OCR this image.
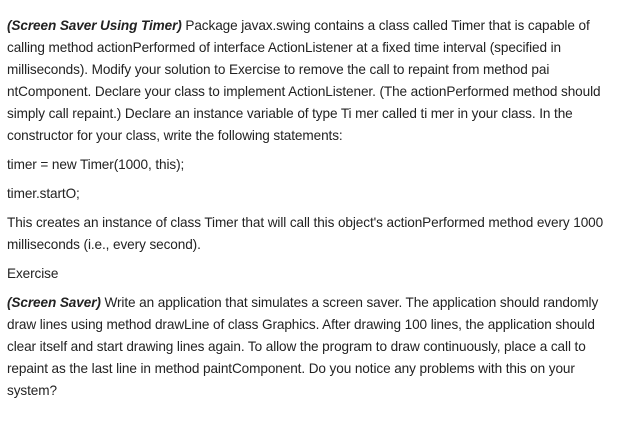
(Screen Saver Using Timer) Package javax.swing contains a class called Timer that is capable of calling method actionPerformed of interface ActionListener at a fixed time interval (specified in milliseconds). Modify your solution to Exercise to remove the call to repaint from method pai ntComponent. Declare your class to implement ActionListener. (The actionPerformed method should simply call repaint.) Declare an instance variable of type Ti mer called ti mer in your class. In the constructor for your class, write the following statements:

timer = new Timer(1000, this);

timer.startO;

This creates an instance of class Timer that will call this object's actionPerformed method every 1000 milliseconds (i.e., every second).

Exercise

(Screen Saver) Write an application that simulates a screen saver. The application should randomly draw lines using method drawLine of class Graphics. After drawing 100 lines, the application should clear itself and start drawing lines again. To allow the program to draw continuously, place a call to repaint as the last line in method paintComponent. Do you notice any problems with this on your system?
